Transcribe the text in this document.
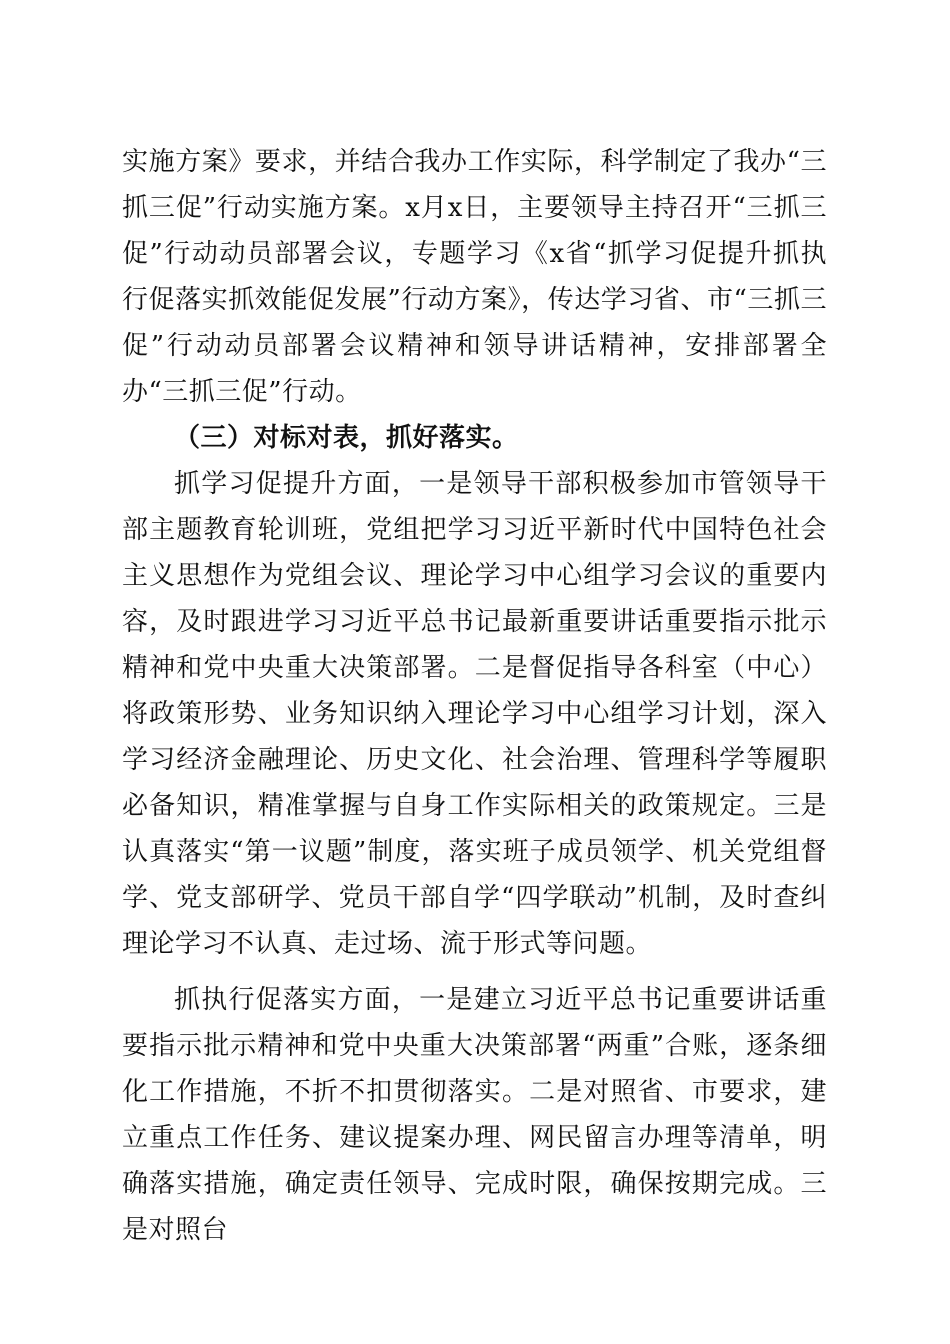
实施方案》要求，并结合我办工作实际，科学制定了我办“三抓三促”行动实施方案。x月x日，主要领导主持召开“三抓三促”行动动员部署会议，专题学习《x省“抓学习促提升抓执行促落实抓效能促发展”行动方案》，传达学习省、市“三抓三促”行动动员部署会议精神和领导讲话精神，安排部署全办“三抓三促”行动。

（三）对标对表，抓好落实。

抓学习促提升方面，一是领导干部积极参加市管领导干部主题教育轮训班，党组把学习习近平新时代中国特色社会主义思想作为党组会议、理论学习中心组学习会议的重要内容，及时跟进学习习近平总书记最新重要讲话重要指示批示精神和党中央重大决策部署。二是督促指导各科室（中心）将政策形势、业务知识纳入理论学习中心组学习计划，深入学习经济金融理论、历史文化、社会治理、管理科学等履职必备知识，精准掌握与自身工作实际相关的政策规定。三是认真落实“第一议题”制度，落实班子成员领学、机关党组督学、党支部研学、党员干部自学“四学联动”机制，及时查纠理论学习不认真、走过场、流于形式等问题。

抓执行促落实方面，一是建立习近平总书记重要讲话重要指示批示精神和党中央重大决策部署“两重”合账，逐条细化工作措施，不折不扣贯彻落实。二是对照省、市要求，建立重点工作任务、建议提案办理、网民留言办理等清单，明确落实措施，确定责任领导、完成时限，确保按期完成。三是对照台
